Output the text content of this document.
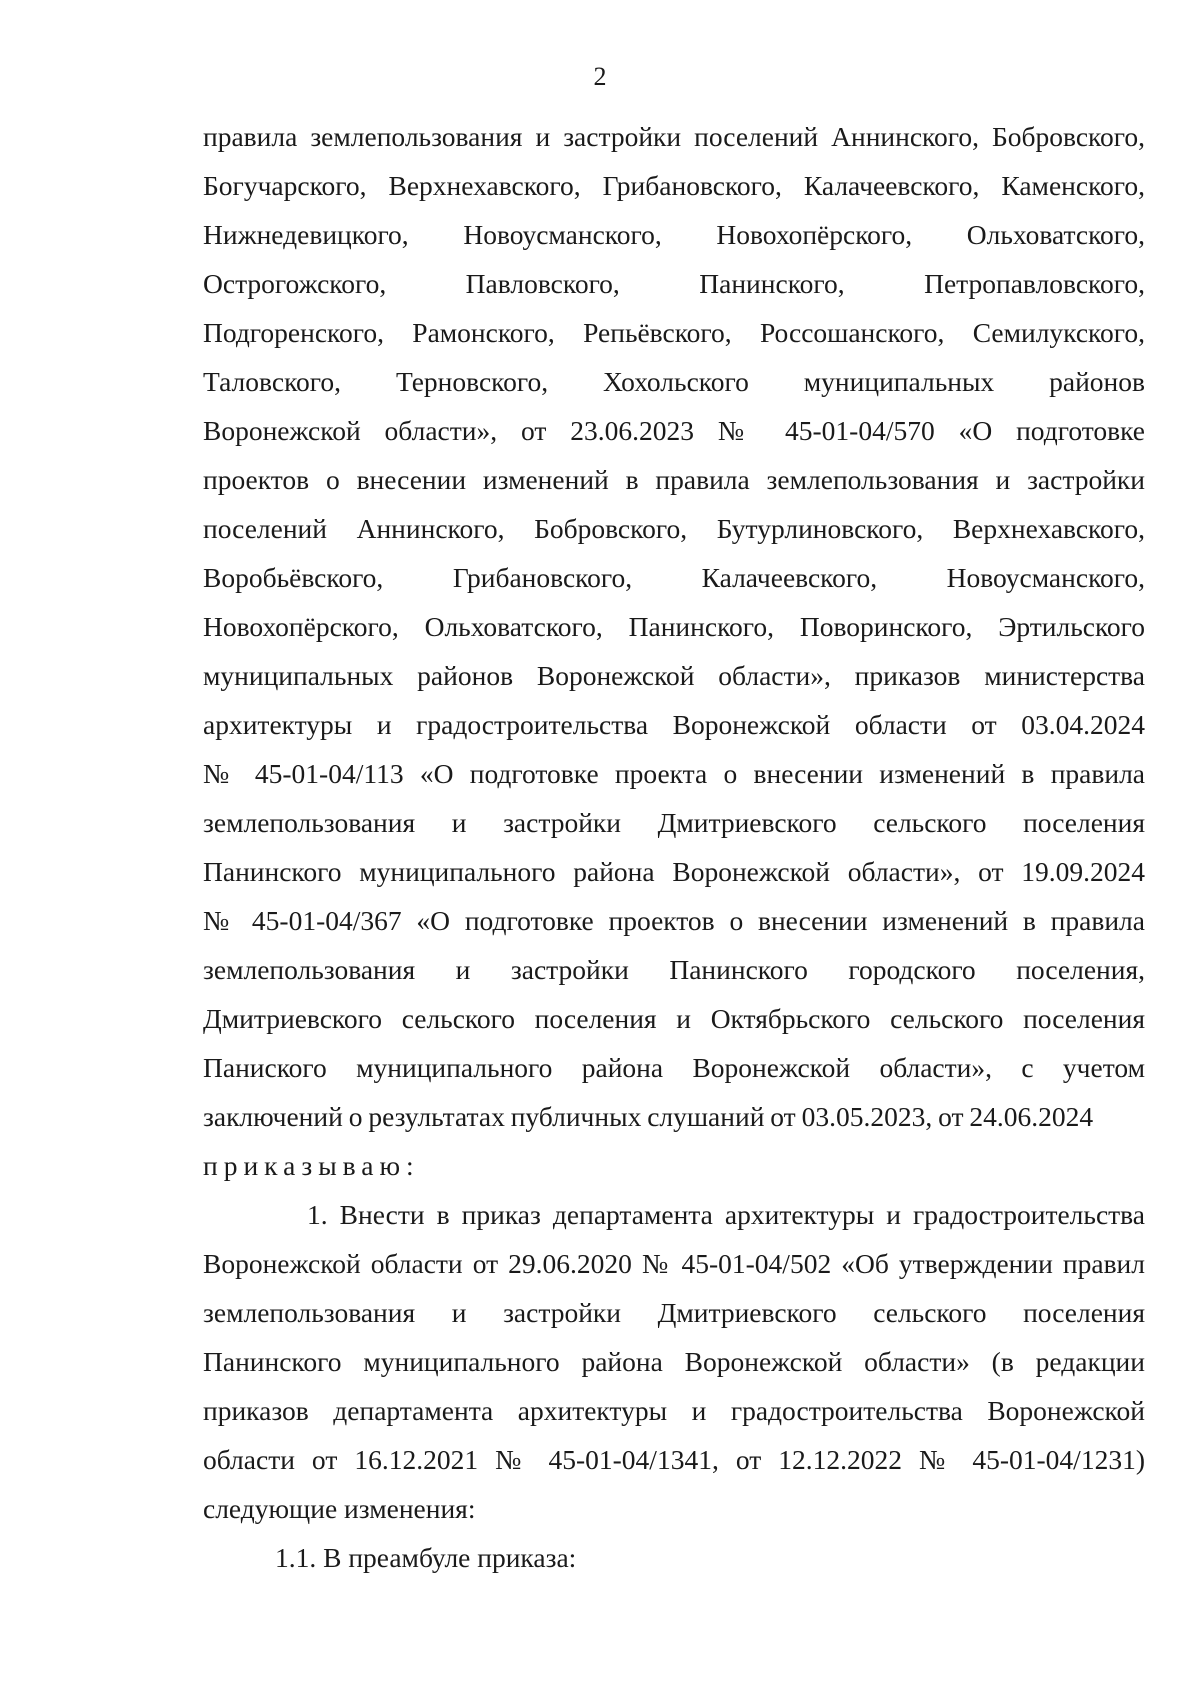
2
правила землепользования и застройки поселений Аннинского, Бобровского,
Богучарского, Верхнехавского, Грибановского, Калачеевского, Каменского,
Нижнедевицкого, Новоусманского, Новохопёрского, Ольховатского,
Острогожского, Павловского, Панинского, Петропавловского,
Подгоренского, Рамонского, Репьёвского, Россошанского, Семилукского,
Таловского, Терновского, Хохольского муниципальных районов
Воронежской области», от 23.06.2023 № 45-01-04/570 «О подготовке
проектов о внесении изменений в правила землепользования и застройки
поселений Аннинского, Бобровского, Бутурлиновского, Верхнехавского,
Воробьёвского, Грибановского, Калачеевского, Новоусманского,
Новохопёрского, Ольховатского, Панинского, Поворинского, Эртильского
муниципальных районов Воронежской области», приказов министерства
архитектуры и градостроительства Воронежской области от 03.04.2024
№ 45-01-04/113 «О подготовке проекта о внесении изменений в правила
землепользования и застройки Дмитриевского сельского поселения
Панинского муниципального района Воронежской области», от 19.09.2024
№ 45-01-04/367 «О подготовке проектов о внесении изменений в правила
землепользования и застройки Панинского городского поселения,
Дмитриевского сельского поселения и Октябрьского сельского поселения
Паниского муниципального района Воронежской области», с учетом
заключений о результатах публичных слушаний от 03.05.2023, от 24.06.2024
приказываю:
1. Внести в приказ департамента архитектуры и градостроительства
Воронежской области от 29.06.2020 № 45-01-04/502 «Об утверждении правил
землепользования и застройки Дмитриевского сельского поселения
Панинского муниципального района Воронежской области» (в редакции
приказов департамента архитектуры и градостроительства Воронежской
области от 16.12.2021 № 45-01-04/1341, от 12.12.2022 № 45-01-04/1231)
следующие изменения:
1.1. В преамбуле приказа:
